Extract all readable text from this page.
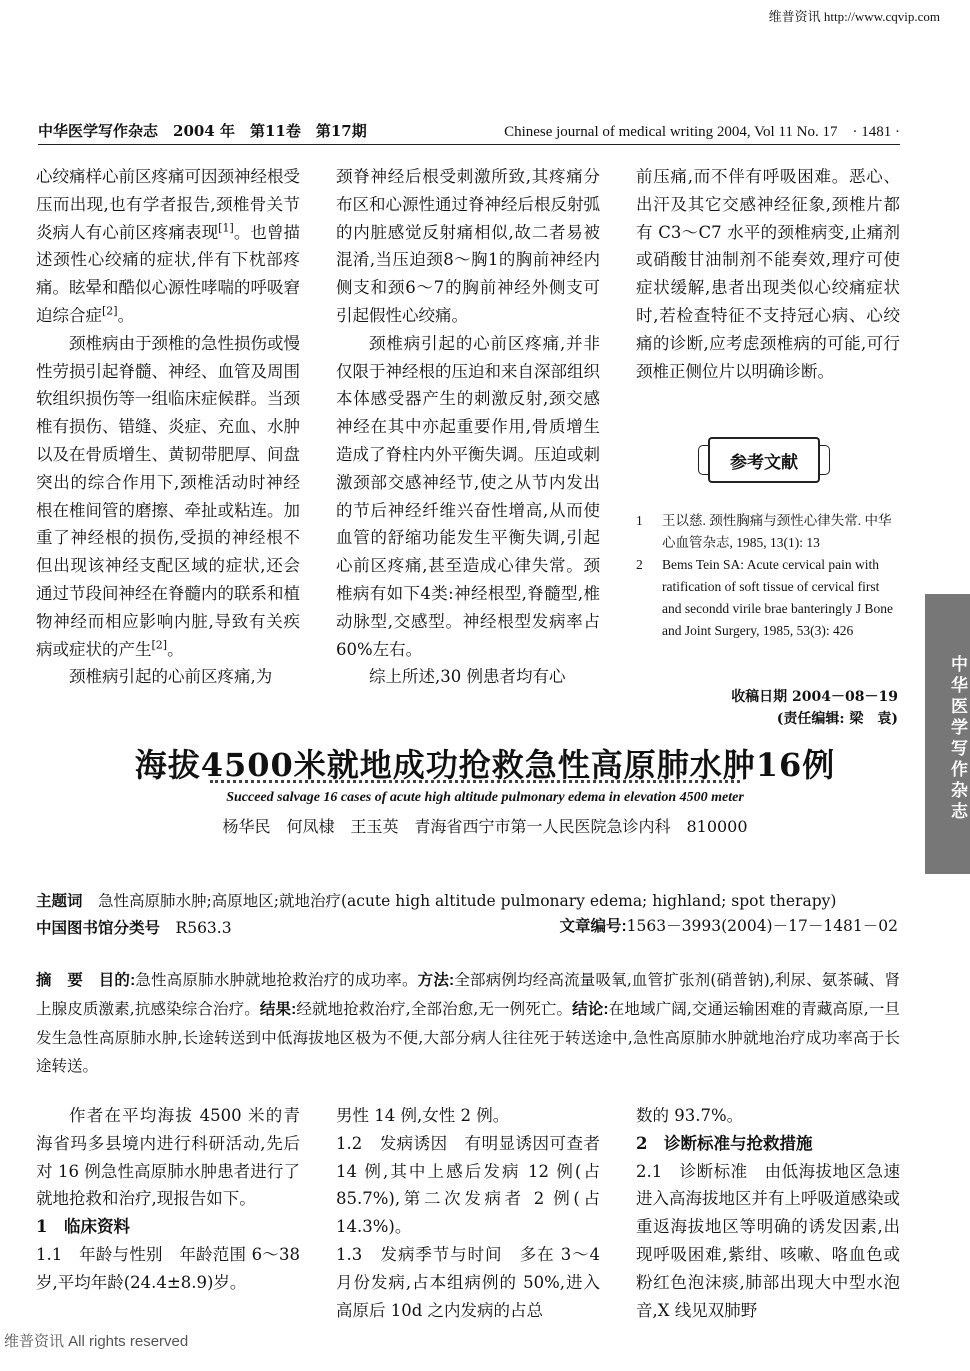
维普资讯 http://www.cqvip.com
中华医学写作杂志　2004 年　第11卷　第17期	Chinese journal of medical writing 2004, Vol 11 No. 17　· 1481 ·

心绞痛样心前区疼痛可因颈神经根受压而出现,也有学者报告,颈椎骨关节炎病人有心前区疼痛表现[1]。也曾描述颈性心绞痛的症状,伴有下枕部疼痛。眩晕和酷似心源性哮喘的呼吸窘迫综合症[2]。

颈椎病由于颈椎的急性损伤或慢性劳损引起脊髓、神经、血管及周围软组织损伤等一组临床症候群。当颈椎有损伤、错缝、炎症、充血、水肿以及在骨质增生、黄韧带肥厚、间盘突出的综合作用下,颈椎活动时神经根在椎间管的磨擦、牵扯或粘连。加重了神经根的损伤,受损的神经根不但出现该神经支配区域的症状,还会通过节段间神经在脊髓内的联系和植物神经而相应影响内脏,导致有关疾病或症状的产生[2]。

颈椎病引起的心前区疼痛,为

颈脊神经后根受刺激所致,其疼痛分布区和心源性通过脊神经后根反射弧的内脏感觉反射痛相似,故二者易被混淆,当压迫颈8～胸1的胸前神经内侧支和颈6～7的胸前神经外侧支可引起假性心绞痛。

颈椎病引起的心前区疼痛,并非仅限于神经根的压迫和来自深部组织本体感受器产生的刺激反射,颈交感神经在其中亦起重要作用,骨质增生造成了脊柱内外平衡失调。压迫或刺激颈部交感神经节,使之从节内发出的节后神经纤维兴奋性增高,从而使血管的舒缩功能发生平衡失调,引起心前区疼痛,甚至造成心律失常。颈椎病有如下4类:神经根型,脊髓型,椎动脉型,交感型。神经根型发病率占60%左右。

综上所述,30 例患者均有心

前压痛,而不伴有呼吸困难。恶心、出汗及其它交感神经征象,颈椎片都有 C3～C7 水平的颈椎病变,止痛剂或硝酸甘油制剂不能奏效,理疗可使症状缓解,患者出现类似心绞痛症状时,若检查特征不支持冠心病、心绞痛的诊断,应考虑颈椎病的可能,可行颈椎正侧位片以明确诊断。

参考文献
1	王以慈. 颈性胸痛与颈性心律失常. 中华心血管杂志, 1985, 13(1): 13
2	Bems Tein SA: Acute cervical pain with ratification of soft tissue of cervical first and secondd virile brae banteringly J Bone and Joint Surgery, 1985, 53(3): 426
收稿日期 2004－08－19
(责任编辑: 梁　袁)	中华医学写作杂志
海拔4500米就地成功抢救急性高原肺水肿16例
Succeed salvage 16 cases of acute high altitude pulmonary edema in elevation 4500 meter
杨华民　何凤棣　王玉英　青海省西宁市第一人民医院急诊内科　810000
主题词　 急性高原肺水肿;高原地区;就地治疗(acute high altitude pulmonary edema; highland; spot therapy)
中国图书馆分类号　 R563.3	文章编号:1563－3993(2004)－17－1481－02
摘　要　目的:急性高原肺水肿就地抢救治疗的成功率。方法:全部病例均经高流量吸氧,血管扩张剂(硝普钠),利尿、氨茶碱、肾上腺皮质激素,抗感染综合治疗。结果:经就地抢救治疗,全部治愈,无一例死亡。结论:在地域广阔,交通运输困难的青藏高原,一旦发生急性高原肺水肿,长途转送到中低海拔地区极为不便,大部分病人往往死于转送途中,急性高原肺水肿就地治疗成功率高于长途转送。

作者在平均海拔 4500 米的青海省玛多县境内进行科研活动,先后对 16 例急性高原肺水肿患者进行了就地抢救和治疗,现报告如下。

1　临床资料

1.1　年龄与性别　年龄范围 6～38 岁,平均年龄(24.4±8.9)岁。

男性 14 例,女性 2 例。

1.2　发病诱因　有明显诱因可查者 14 例,其中上感后发病 12 例(占 85.7%),第二次发病者 2 例(占 14.3%)。

1.3　发病季节与时间　多在 3～4 月份发病,占本组病例的 50%,进入高原后 10d 之内发病的占总

数的 93.7%。

2　诊断标准与抢救措施

2.1　诊断标准　由低海拔地区急速进入高海拔地区并有上呼吸道感染或重返海拔地区等明确的诱发因素,出现呼吸困难,紫绀、咳嗽、咯血色或粉红色泡沫痰,肺部出现大中型水泡音,X 线见双肺野

维普资讯 All rights reserved
